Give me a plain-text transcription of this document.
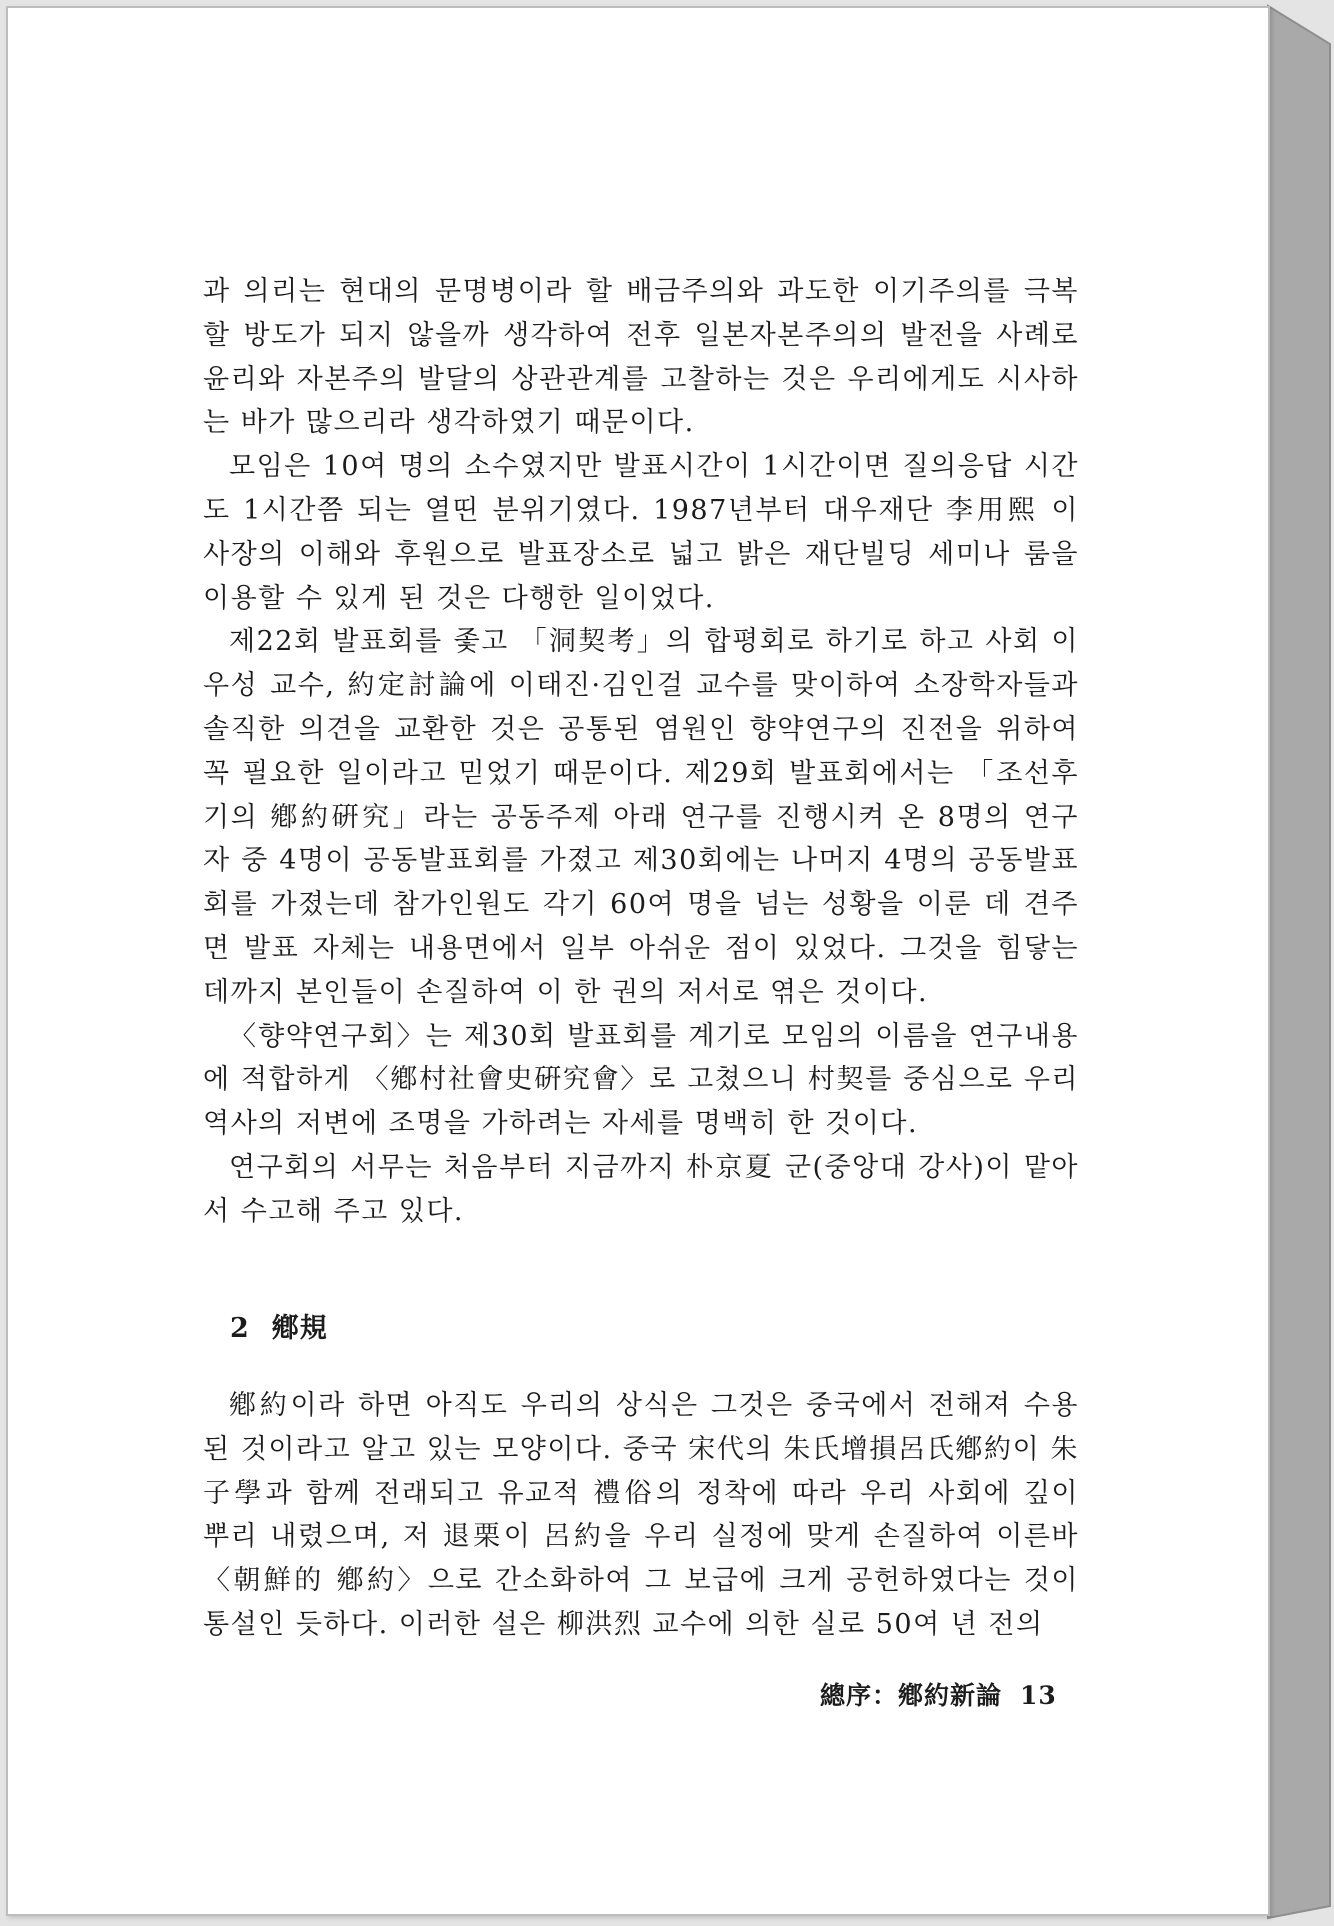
과 의리는 현대의 문명병이라 할 배금주의와 과도한 이기주의를 극복할 방도가 되지 않을까 생각하여 전후 일본자본주의의 발전을 사례로 윤리와 자본주의 발달의 상관관계를 고찰하는 것은 우리에게도 시사하는 바가 많으리라 생각하였기 때문이다.

모임은 10여 명의 소수였지만 발표시간이 1시간이면 질의응답 시간도 1시간쯤 되는 열띤 분위기였다. 1987년부터 대우재단 李用熙 이사장의 이해와 후원으로 발표장소로 넓고 밝은 재단빌딩 세미나 룸을 이용할 수 있게 된 것은 다행한 일이었다.

제22회 발표회를 좇고 「洞契考」의 합평회로 하기로 하고 사회 이우성 교수, 約定討論에 이태진·김인걸 교수를 맞이하여 소장학자들과 솔직한 의견을 교환한 것은 공통된 염원인 향약연구의 진전을 위하여 꼭 필요한 일이라고 믿었기 때문이다. 제29회 발표회에서는 「조선후기의 鄕約硏究」라는 공동주제 아래 연구를 진행시켜 온 8명의 연구자 중 4명이 공동발표회를 가졌고 제30회에는 나머지 4명의 공동발표회를 가졌는데 참가인원도 각기 60여 명을 넘는 성황을 이룬 데 견주면 발표 자체는 내용면에서 일부 아쉬운 점이 있었다. 그것을 힘닿는 데까지 본인들이 손질하여 이 한 권의 저서로 엮은 것이다.

〈향약연구회〉는 제30회 발표회를 계기로 모임의 이름을 연구내용에 적합하게 〈鄕村社會史硏究會〉로 고쳤으니 村契를 중심으로 우리 역사의 저변에 조명을 가하려는 자세를 명백히 한 것이다.

연구회의 서무는 처음부터 지금까지 朴京夏 군(중앙대 강사)이 맡아서 수고해 주고 있다.

2 鄕規

鄕約이라 하면 아직도 우리의 상식은 그것은 중국에서 전해져 수용된 것이라고 알고 있는 모양이다. 중국 宋代의 朱氏增損呂氏鄕約이 朱子學과 함께 전래되고 유교적 禮俗의 정착에 따라 우리 사회에 깊이 뿌리 내렸으며, 저 退栗이 呂約을 우리 실정에 맞게 손질하여 이른바 〈朝鮮的 鄕約〉으로 간소화하여 그 보급에 크게 공헌하였다는 것이 통설인 듯하다. 이러한 설은 柳洪烈 교수에 의한 실로 50여 년 전의

總序：鄕約新論 13
